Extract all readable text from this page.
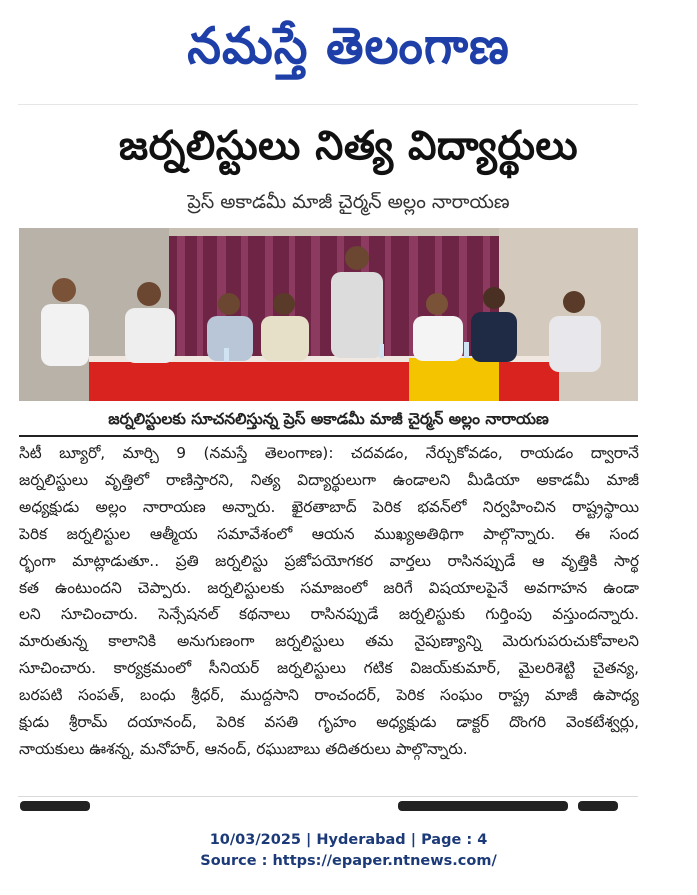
నమస్తే తెలంగాణ
జర్నలిస్టులు నిత్య విద్యార్థులు
ప్రెస్ అకాడమీ మాజీ చైర్మన్ అల్లం నారాయణ
జర్నలిస్టులకు సూచనలిస్తున్న ప్రెస్ అకాడమీ మాజీ చైర్మన్ అల్లం నారాయణ
సిటీ బ్యూరో, మార్చి 9 (నమస్తే తెలంగాణ): చదవడం, నేర్చుకోవడం, రాయడం ద్వారానే
జర్నలిస్టులు వృత్తిలో రాణిస్తారని, నిత్య విద్యార్థులుగా ఉండాలని మీడియా అకాడమీ మాజీ
అధ్యక్షుడు అల్లం నారాయణ అన్నారు. ఖైరతాబాద్ పెరిక భవన్‌లో నిర్వహించిన రాష్ట్రస్థాయి
పెరిక జర్నలిస్టుల ఆత్మీయ సమావేశంలో ఆయన ముఖ్యఅతిథిగా పాల్గొన్నారు. ఈ సంద
ర్భంగా మాట్లాడుతూ.. ప్రతి జర్నలిస్టు ప్రజోపయోగకర వార్తలు రాసినప్పుడే ఆ వృత్తికి సార్థ
కత ఉంటుందని చెప్పారు. జర్నలిస్టులకు సమాజంలో జరిగే విషయాలపైనే అవగాహన ఉండా
లని సూచించారు. సెన్సేషనల్ కథనాలు రాసినప్పుడే జర్నలిస్టుకు గుర్తింపు వస్తుందన్నారు.
మారుతున్న కాలానికి అనుగుణంగా జర్నలిస్టులు తమ నైపుణ్యాన్ని మెరుగుపరుచుకోవాలని
సూచించారు. కార్యక్రమంలో సీనియర్ జర్నలిస్టులు గటిక విజయ్‌కుమార్, మైలరిశెట్టి చైతన్య,
బరపటి సంపత్, బంధు శ్రీధర్, ముద్దసాని రాంచందర్, పెరిక సంఘం రాష్ట్ర మాజీ ఉపాధ్య
క్షుడు శ్రీరామ్ దయానంద్, పెరిక వసతి గృహం అధ్యక్షుడు డాక్టర్ దొంగరి వెంకటేశ్వర్లు,
నాయకులు ఊశన్న, మనోహర్, ఆనంద్, రఘుబాబు తదితరులు పాల్గొన్నారు.
10/03/2025 | Hyderabad | Page : 4
Source : https://epaper.ntnews.com/
